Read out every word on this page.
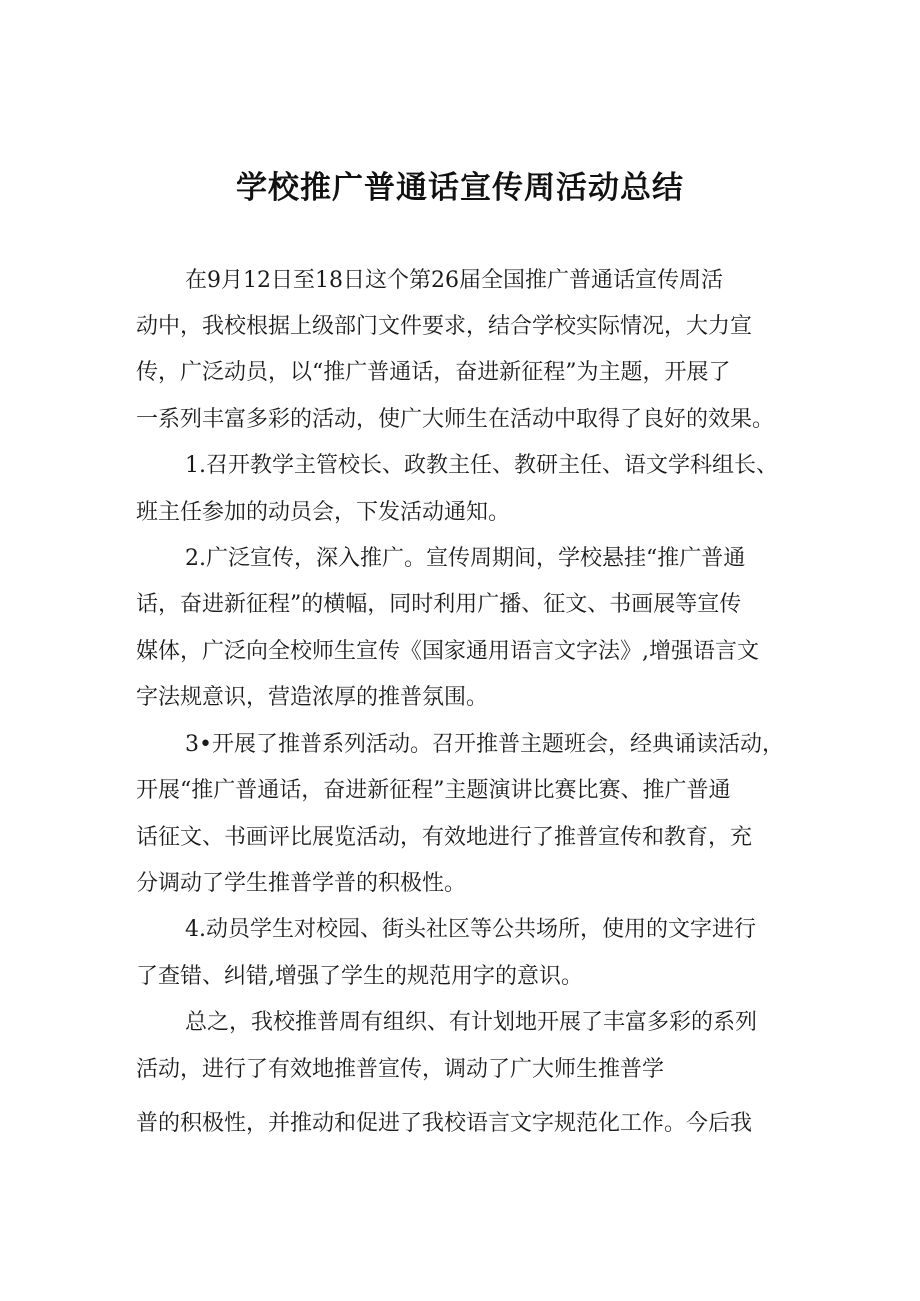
学校推广普通话宣传周活动总结
在9月12日至18日这个第26届全国推广普通话宣传周活
动中，我校根据上级部门文件要求，结合学校实际情况，大力宣
传，广泛动员，以“推广普通话，奋进新征程”为主题，开展了
一系列丰富多彩的活动，使广大师生在活动中取得了良好的效果。
1.召开教学主管校长、政教主任、教研主任、语文学科组长、
班主任参加的动员会，下发活动通知。
2.广泛宣传，深入推广。宣传周期间，学校悬挂“推广普通
话，奋进新征程”的横幅，同时利用广播、征文、书画展等宣传
媒体，广泛向全校师生宣传《国家通用语言文字法》,增强语言文
字法规意识，营造浓厚的推普氛围。
3•开展了推普系列活动。召开推普主题班会，经典诵读活动，
开展“推广普通话，奋进新征程”主题演讲比赛比赛、推广普通
话征文、书画评比展览活动，有效地进行了推普宣传和教育，充
分调动了学生推普学普的积极性。
4.动员学生对校园、街头社区等公共场所，使用的文字进行
了查错、纠错,增强了学生的规范用字的意识。
总之，我校推普周有组织、有计划地开展了丰富多彩的系列
活动，进行了有效地推普宣传，调动了广大师生推普学
普的积极性，并推动和促进了我校语言文字规范化工作。今后我
